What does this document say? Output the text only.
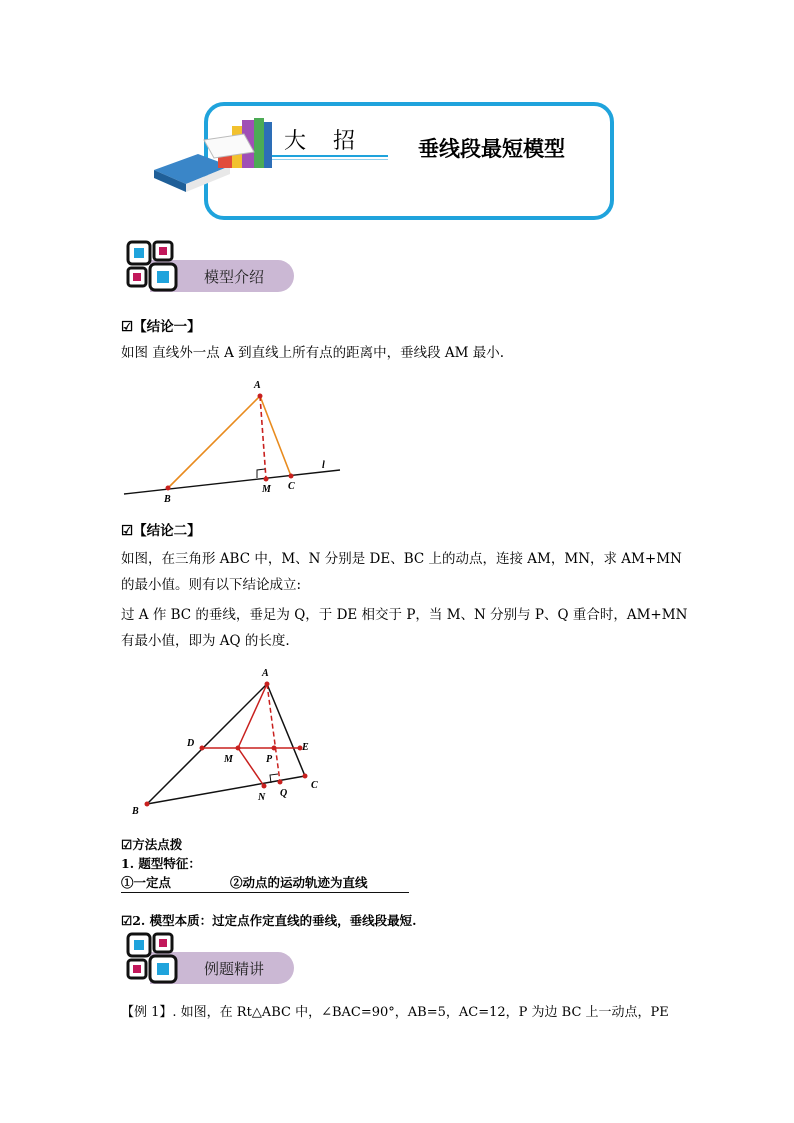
大 招	垂线段最短模型
模型介绍
☑【结论一】
如图 直线外一点 A 到直线上所有点的距离中，垂线段 AM 最小.
A
B
M C
l
☑【结论二】
如图，在三角形 ABC 中，M、N 分别是 DE、BC 上的动点，连接 AM，MN，求 AM+MN
的最小值。则有以下结论成立:
过 A 作 BC 的垂线，垂足为 Q，于 DE 相交于 P，当 M、N 分别与 P、Q 重合时，AM+MN
有最小值，即为 AQ 的长度.
A
B
C
D	E
M	P
N Q
☑方法点拨
1. 题型特征：
①一定点	②动点的运动轨迹为直线
☑2. 模型本质：过定点作定直线的垂线，垂线段最短.
例题精讲
【例 1】. 如图，在 Rt△ABC 中，∠BAC=90°，AB=5，AC=12，P 为边 BC 上一动点，PE
